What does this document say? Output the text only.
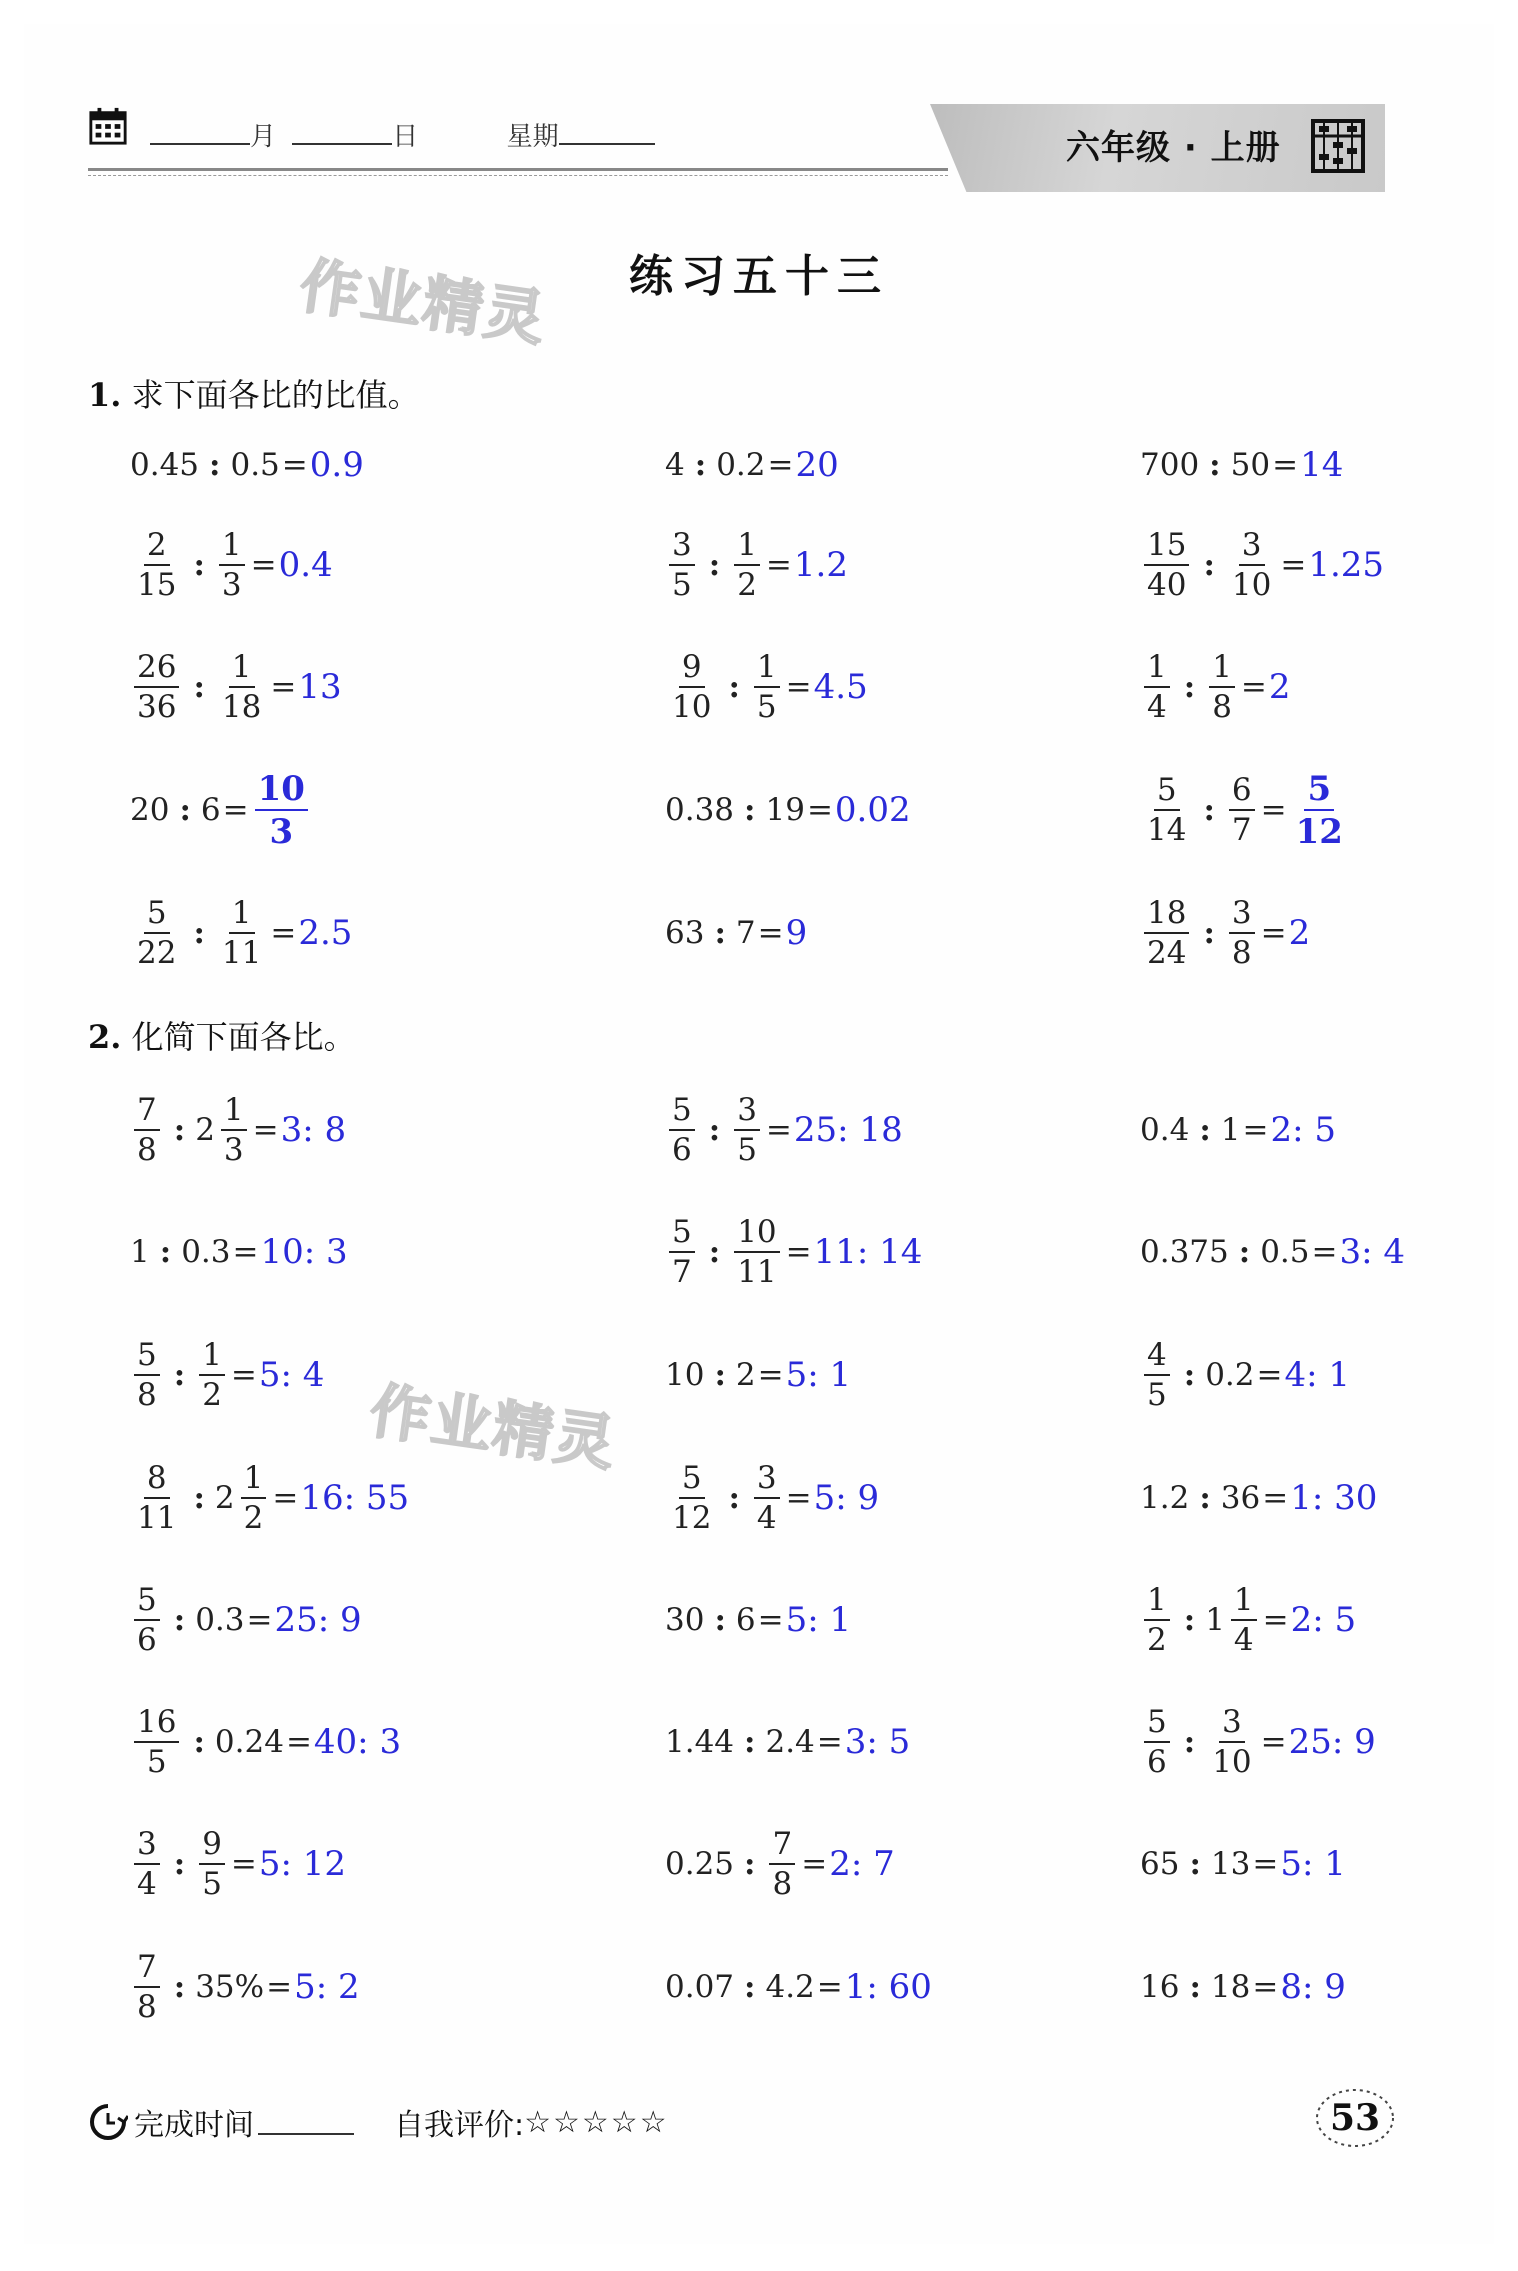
月	日	星期	六年级 · 上册
练习五十三
作业精灵
作业精灵
1. 求下面各比的比值。
0.45 : 0.5 = 0.9	4 : 0.2 = 20	700 : 50 = 14
$\frac{2}{15}$ : $\frac{1}{3} = 0.4$	$\frac{3}{5}$ : $\frac{1}{2} = 1.2$	$\frac{15}{40}$ : $\frac{3}{10} = 1.25$
$\frac{26}{36}$ : $\frac{1}{18} = 13$	$\frac{9}{10}$ : $\frac{1}{5} = 4.5$	$\frac{1}{4}$ : $\frac{1}{8} = 2$
20 : $6 = \frac{10}{3}$	0.38 : 19 = 0.02	$\frac{5}{14}$ : $\frac{6}{7} = \frac{5}{12}$
$\frac{5}{22}$ : $\frac{1}{11} = 2.5$	63 : 7 = 9	$\frac{18}{24}$ : $\frac{3}{8} = 2$
2. 化简下面各比。
$\frac{7}{8}$ : $2 \frac{1}{3} = 3$: 8	$\frac{5}{6}$ : $\frac{3}{5} = 25$: 18	0.4 : 1 = 2: 5
1 : 0.3 = 10: 3	$\frac{5}{7}$ : $\frac{10}{11} = 11$: 14	0.375 : 0.5 = 3: 4
$\frac{5}{8}$ : $\frac{1}{2} = 5$: 4	10 : 2 = 5: 1	$\frac{4}{5}$ : 0.2 = 4: 1
$\frac{8}{11}$ : $2 \frac{1}{2} = 16$: 55	$\frac{5}{12}$ : $\frac{3}{4} = 5$: 9	1.2 : 36 = 1: 30
$\frac{5}{6}$ : 0.3 = 25: 9	30 : 6 = 5: 1	$\frac{1}{2}$ : $1 \frac{1}{4} = 2$: 5
$\frac{16}{5}$ : 0.24 = 40: 3	1.44 : 2.4 = 3: 5	$\frac{5}{6}$ : $\frac{3}{10} = 25$: 9
$\frac{3}{4}$ : $\frac{9}{5} = 5$: 12	0.25 : $\frac{7}{8} = 2$: 7	65 : 13 = 5: 1
$\frac{7}{8}$ : 35% = 5: 2	0.07 : 4.2 = 1: 60	16 : 18 = 8: 9
完成时间	自我评价: ☆☆☆☆☆	53
